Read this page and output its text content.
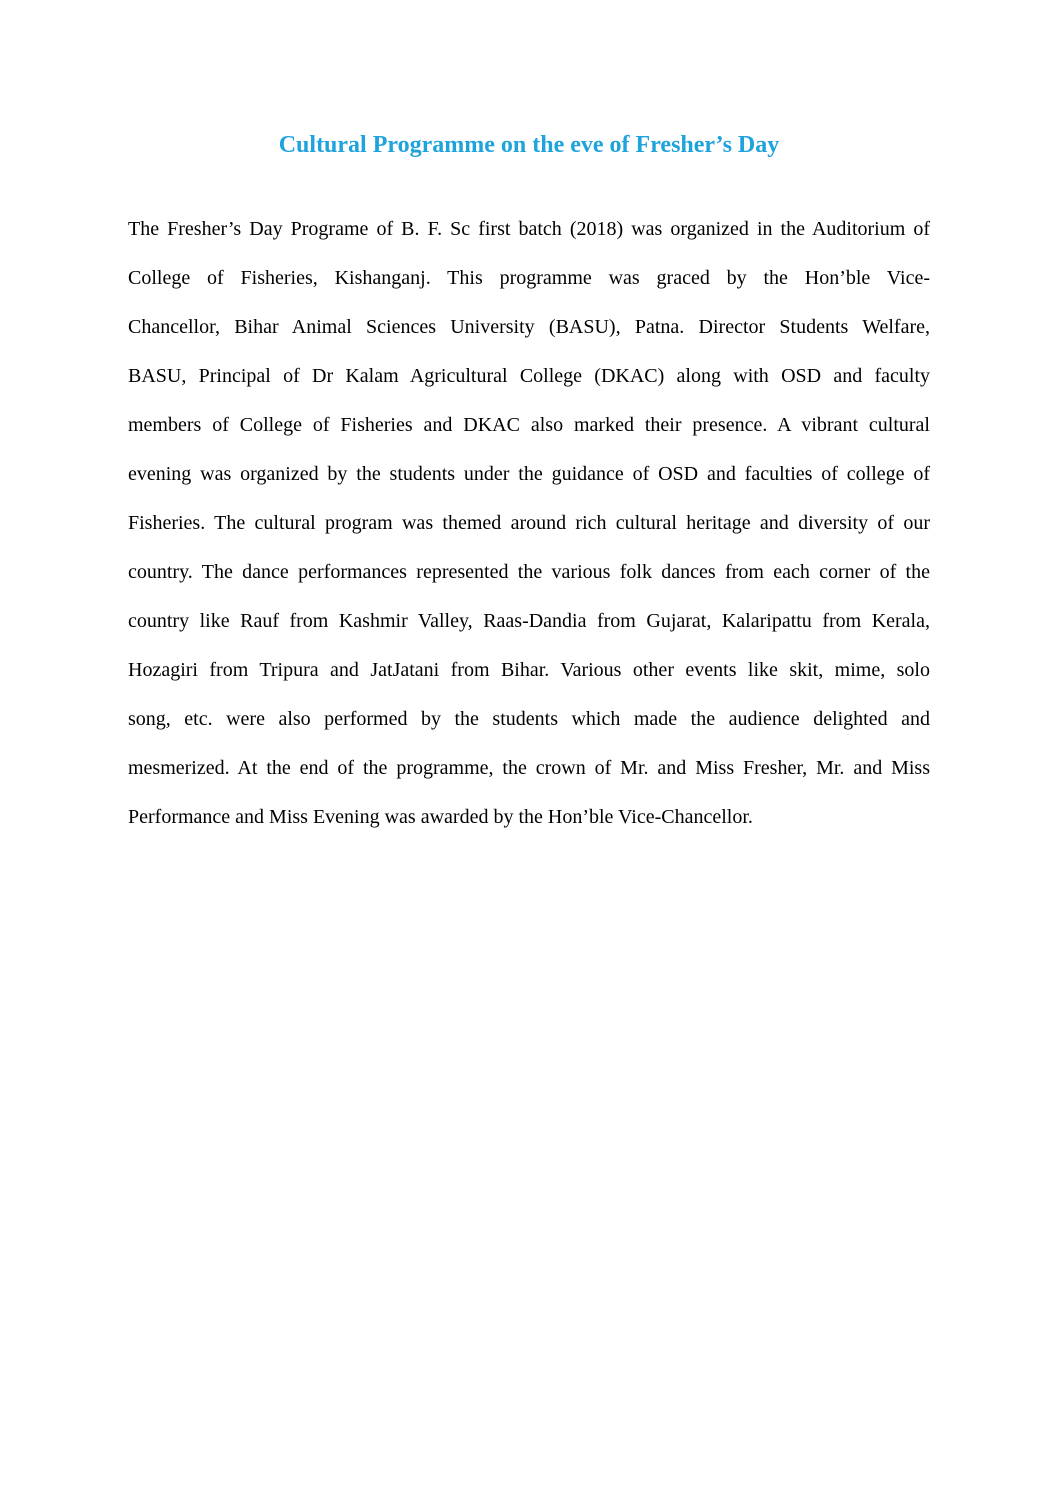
Cultural Programme on the eve of Fresher’s Day
The Fresher’s Day Programe of B. F. Sc first batch (2018) was organized in the Auditorium of
College of Fisheries, Kishanganj. This programme was graced by the Hon’ble Vice-
Chancellor, Bihar Animal Sciences University (BASU), Patna. Director Students Welfare,
BASU, Principal of Dr Kalam Agricultural College (DKAC) along with OSD and faculty
members of College of Fisheries and DKAC also marked their presence. A vibrant cultural
evening was organized by the students under the guidance of OSD and faculties of college of
Fisheries. The cultural program was themed around rich cultural heritage and diversity of our
country. The dance performances represented the various folk dances from each corner of the
country like Rauf from Kashmir Valley, Raas-Dandia from Gujarat, Kalaripattu from Kerala,
Hozagiri from Tripura and JatJatani from Bihar. Various other events like skit, mime, solo
song, etc. were also performed by the students which made the audience delighted and
mesmerized. At the end of the programme, the crown of Mr. and Miss Fresher, Mr. and Miss
Performance and Miss Evening was awarded by the Hon’ble Vice-Chancellor.
